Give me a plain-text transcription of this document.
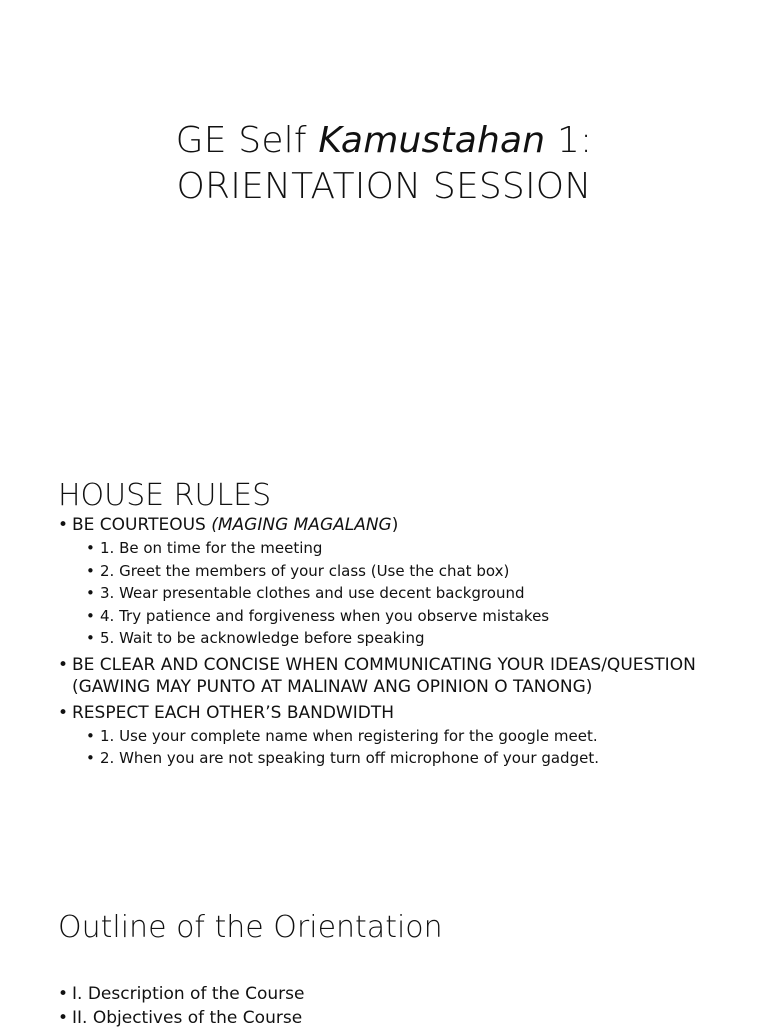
GE Self Kamustahan 1:
ORIENTATION SESSION
HOUSE RULES
• BE COURTEOUS (MAGING MAGALANG)
• 1. Be on time for the meeting
• 2. Greet the members of your class (Use the chat box)
• 3. Wear presentable clothes and use decent background
• 4. Try patience and forgiveness when you observe mistakes
• 5. Wait to be acknowledge before speaking
• BE CLEAR AND CONCISE WHEN COMMUNICATING YOUR IDEAS/QUESTION (GAWING MAY PUNTO AT MALINAW ANG OPINION O TANONG)
• RESPECT EACH OTHER’S BANDWIDTH
• 1. Use your complete name when registering for the google meet.
• 2. When you are not speaking turn off microphone of your gadget.
Outline of the Orientation
• I. Description of the Course
• II. Objectives of the Course
